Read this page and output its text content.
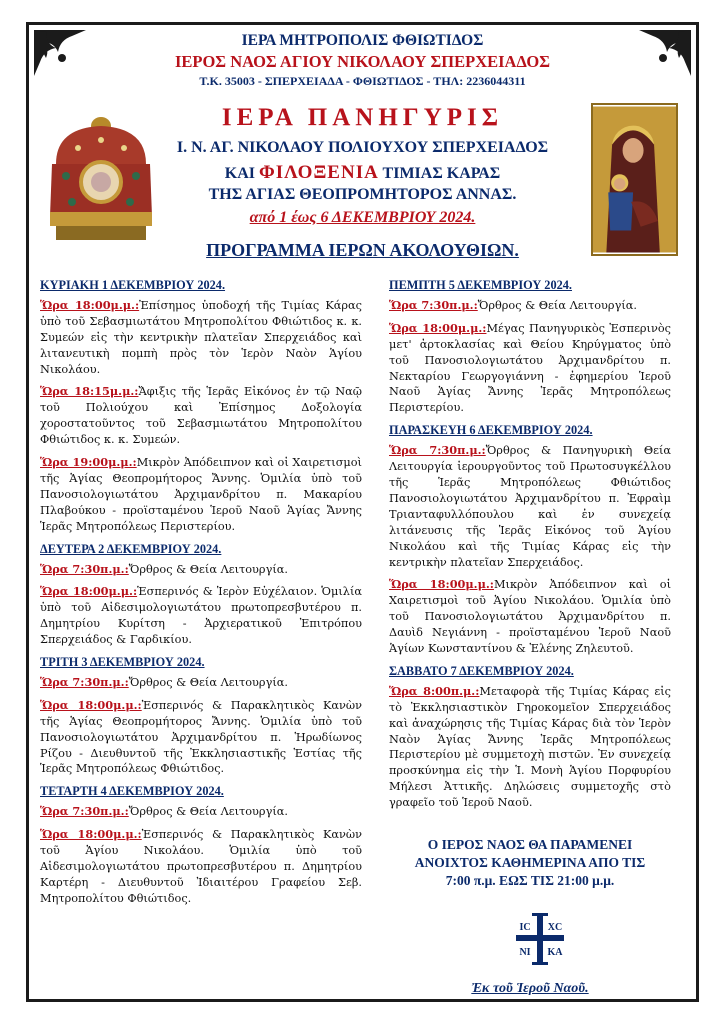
ΙΕΡΑ ΜΗΤΡΟΠΟΛΙΣ ΦΘΙΩΤΙΔΟΣ
ΙΕΡΟΣ ΝΑΟΣ ΑΓΙΟΥ ΝΙΚΟΛΑΟΥ ΣΠΕΡΧΕΙΑΔΟΣ
Τ.Κ. 35003 - ΣΠΕΡΧΕΙΑΔΑ - ΦΘΙΩΤΙΔΟΣ - ΤΗΛ: 2236044311
ΙΕΡΑ ΠΑΝΗΓΥΡΙΣ
Ι. Ν. ΑΓ. ΝΙΚΟΛΑΟΥ ΠΟΛΙΟΥΧΟΥ ΣΠΕΡΧΕΙΑΔΟΣ
ΚΑΙ ΦΙΛΟΞΕΝΙΑ ΤΙΜΙΑΣ ΚΑΡΑΣ
ΤΗΣ ΑΓΙΑΣ ΘΕΟΠΡΟΜΗΤΟΡΟΣ ΑΝΝΑΣ.
από 1 έως 6 ΔΕΚΕΜΒΡΙΟΥ 2024.
ΠΡΟΓΡΑΜΜΑ ΙΕΡΩΝ ΑΚΟΛΟΥΘΙΩΝ.
ΚΥΡΙΑΚΗ 1 ΔΕΚΕΜΒΡΙΟΥ 2024.
Ὥρα 18:00μ.μ.:Ἐπίσημος ὑποδοχή τῆς Τιμίας Κάρας ὑπὸ τοῦ Σεβασμιωτάτου Μητροπολίτου Φθιώτιδος κ. κ. Συμεών εἰς τὴν κεντρικὴν πλατεῖαν Σπερχειάδος καὶ λιτανευτικὴ πομπὴ πρὸς τὸν Ἱερὸν Ναὸν Ἁγίου Νικολάου.
Ὥρα 18:15μ.μ.:Ἄφιξις τῆς Ἱερᾶς Εἰκόνος ἐν τῷ Ναῷ τοῦ Πολιούχου καὶ Ἐπίσημος Δοξολογία χοροστατοῦντος τοῦ Σεβασμιωτάτου Μητροπολίτου Φθιώτιδος κ. κ. Συμεών.
Ὥρα 19:00μ.μ.:Μικρὸν Ἀπόδειπνον καὶ οἱ Χαιρετισμοὶ τῆς Ἁγίας Θεοπρομήτορος Ἄννης. Ὁμιλία ὑπὸ τοῦ Πανοσιολογιωτάτου Ἀρχιμανδρίτου π. Μακαρίου Πλαβούκου - προϊσταμένου Ἱεροῦ Ναοῦ Ἁγίας Ἄννης Ἱερᾶς Μητροπόλεως Περιστερίου.
ΔΕΥΤΕΡΑ 2 ΔΕΚΕΜΒΡΙΟΥ 2024.
Ὥρα 7:30π.μ.:Ὄρθρος & Θεία Λειτουργία.
Ὥρα 18:00μ.μ.:Ἑσπερινός & Ἱερὸν Εὐχέλαιον. Ὁμιλία ὑπὸ τοῦ Αἰδεσιμολογιωτάτου πρωτοπρεσβυτέρου π. Δημητρίου Κυρίτση - Ἀρχιερατικοῦ Ἐπιτρόπου Σπερχειάδος & Γαρδικίου.
ΤΡΙΤΗ 3 ΔΕΚΕΜΒΡΙΟΥ 2024.
Ὥρα 7:30π.μ.:Ὄρθρος & Θεία Λειτουργία.
Ὥρα 18:00μ.μ.:Ἑσπερινός & Παρακλητικὸς Κανὼν τῆς Ἁγίας Θεοπρομήτορος Ἄννης. Ὁμιλία ὑπὸ τοῦ Πανοσιολογιωτάτου Ἀρχιμανδρίτου π. Ἡρωδίωνος Ρίζου - Διευθυντοῦ τῆς Ἐκκλησιαστικῆς Ἑστίας τῆς Ἱερᾶς Μητροπόλεως Φθιώτιδος.
ΤΕΤΑΡΤΗ 4 ΔΕΚΕΜΒΡΙΟΥ 2024.
Ὥρα 7:30π.μ.:Ὄρθρος & Θεία Λειτουργία.
Ὥρα 18:00μ.μ.:Ἑσπερινός & Παρακλητικὸς Κανὼν τοῦ Ἁγίου Νικολάου. Ὁμιλία ὑπὸ τοῦ Αἰδεσιμολογιωτάτου πρωτοπρεσβυτέρου π. Δημητρίου Καρτέρη - Διευθυντοῦ Ἰδιαιτέρου Γραφείου Σεβ. Μητροπολίτου Φθιώτιδος.
ΠΕΜΠΤΗ 5 ΔΕΚΕΜΒΡΙΟΥ 2024.
Ὥρα 7:30π.μ.:Ὄρθρος & Θεία Λειτουργία.
Ὥρα 18:00μ.μ.:Μέγας Πανηγυρικὸς Ἑσπερινὸς μετ' ἀρτοκλασίας καὶ Θείου Κηρύγματος ὑπὸ τοῦ Πανοσιολογιωτάτου Ἀρχιμανδρίτου π. Νεκταρίου Γεωργογιάννη - ἐφημερίου Ἱεροῦ Ναοῦ Ἁγίας Ἄννης Ἱερᾶς Μητροπόλεως Περιστερίου.
ΠΑΡΑΣΚΕΥΗ 6 ΔΕΚΕΜΒΡΙΟΥ 2024.
Ὥρα 7:30π.μ.:Ὄρθρος & Πανηγυρικὴ Θεία Λειτουργία ἱερουργοῦντος τοῦ Πρωτοσυγκέλλου τῆς Ἱερᾶς Μητροπόλεως Φθιώτιδος Πανοσιολογιωτάτου Ἀρχιμανδρίτου π. Ἐφραὶμ Τριανταφυλλόπουλου καὶ ἐν συνεχείᾳ λιτάνευσις τῆς Ἱερᾶς Εἰκόνος τοῦ Ἁγίου Νικολάου καὶ τῆς Τιμίας Κάρας εἰς τὴν κεντρικὴν πλατεῖαν Σπερχειάδος.
Ὥρα 18:00μ.μ.:Μικρὸν Ἀπόδειπνον καὶ οἱ Χαιρετισμοὶ τοῦ Ἁγίου Νικολάου. Ὁμιλία ὑπὸ τοῦ Πανοσιολογιωτάτου Ἀρχιμανδρίτου π. Δαυὶδ Νεγιάννη - προϊσταμένου Ἱεροῦ Ναοῦ Ἁγίων Κωνσταντίνου & Ἑλένης Ζηλευτοῦ.
ΣΑΒΒΑΤΟ 7 ΔΕΚΕΜΒΡΙΟΥ 2024.
Ὥρα 8:00π.μ.:Μεταφορὰ τῆς Τιμίας Κάρας εἰς τὸ Ἐκκλησιαστικὸν Γηροκομεῖον Σπερχειάδος καὶ ἀναχώρησις τῆς Τιμίας Κάρας διὰ τὸν Ἱερὸν Ναὸν Ἁγίας Ἄννης Ἱερᾶς Μητροπόλεως Περιστερίου μὲ συμμετοχὴ πιστῶν. Ἐν συνεχείᾳ προσκύνημα εἰς τὴν Ἱ. Μονὴ Ἁγίου Πορφυρίου Μήλεσι Ἀττικῆς. Δηλώσεις συμμετοχῆς στὸ γραφεῖο τοῦ Ἱεροῦ Ναοῦ.
Ο ΙΕΡΟΣ ΝΑΟΣ ΘΑ ΠΑΡΑΜΕΝΕΙ
ΑΝΟΙΧΤΟΣ ΚΑΘΗΜΕΡΙΝΑ ΑΠΟ ΤΙΣ
7:00 π.μ. ΕΩΣ ΤΙΣ 21:00 μ.μ.
ΙC XC
NI KA
Ἐκ τοῦ Ἱεροῦ Ναοῦ.
